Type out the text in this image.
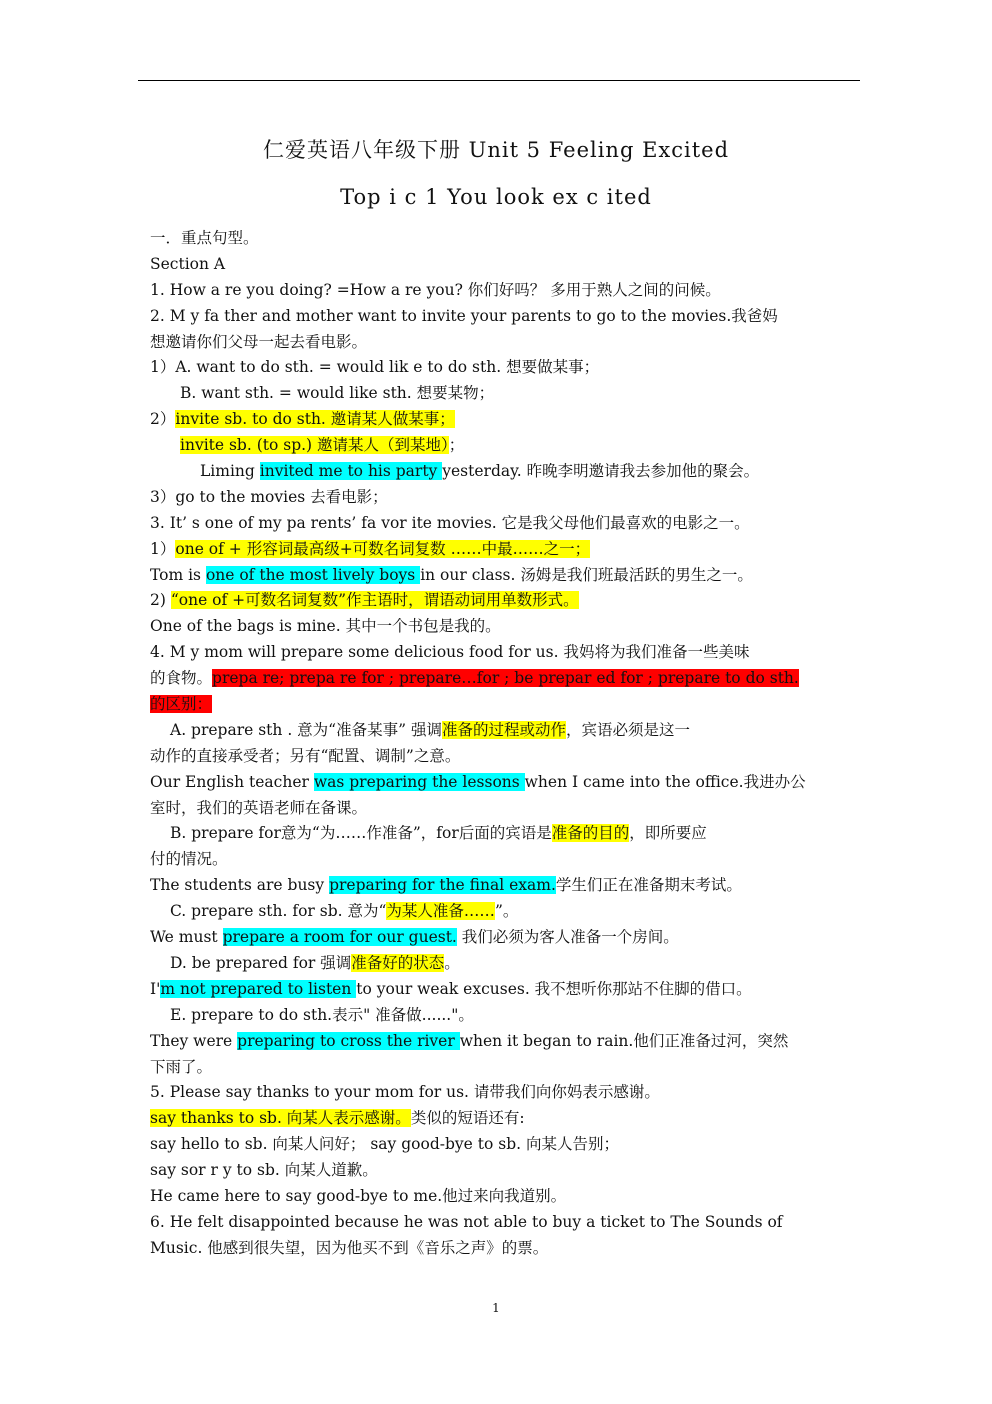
仁爱英语八年级下册 Unit 5 Feeling Excited
Top i c 1 You look ex c ited
一．重点句型。
Section A
1. How a re you doing? =How a re you? 你们好吗？ 多用于熟人之间的问候。
2. M y fa ther and mother want to invite your parents to go to the movies.我爸妈
想邀请你们父母一起去看电影。
1）A. want to do sth. = would lik e to do sth. 想要做某事；
B. want sth. = would like sth. 想要某物；
2）invite sb. to do sth. 邀请某人做某事；
invite sb. (to sp.) 邀请某人（到某地）；
Liming invited me to his party yesterday. 昨晚李明邀请我去参加他的聚会。
3）go to the movies 去看电影；
3. It’ s one of my pa rents’ fa vor ite movies. 它是我父母他们最喜欢的电影之一。
1）one of + 形容词最高级+可数名词复数 ……中最……之一；
Tom is one of the most lively boys in our class. 汤姆是我们班最活跃的男生之一。
2) “one of +可数名词复数”作主语时，谓语动词用单数形式。
One of the bags is mine. 其中一个书包是我的。
4. M y mom will prepare some delicious food for us. 我妈将为我们准备一些美味
的食物。prepa re; prepa re for ; prepare…for ; be prepar ed for ; prepare to do sth.
的区别：
A. prepare sth . 意为“准备某事” 强调准备的过程或动作，宾语必须是这一
动作的直接承受者；另有“配置、调制”之意。
Our English teacher was preparing the lessons when I came into the office.我进办公
室时，我们的英语老师在备课。
B. prepare for意为“为……作准备”，for后面的宾语是准备的目的，即所要应
付的情况。
The students are busy preparing for the final exam.学生们正在准备期末考试。
C. prepare sth. for sb. 意为“为某人准备……”。
We must prepare a room for our guest. 我们必须为客人准备一个房间。
D. be prepared for 强调准备好的状态。
I'm not prepared to listen to your weak excuses. 我不想听你那站不住脚的借口。
E. prepare to do sth.表示" 准备做......"。
They were preparing to cross the river when it began to rain.他们正准备过河，突然
下雨了。
5. Please say thanks to your mom for us. 请带我们向你妈表示感谢。
say thanks to sb. 向某人表示感谢。类似的短语还有:
say hello to sb. 向某人问好； say good-bye to sb. 向某人告别；
say sor r y to sb. 向某人道歉。
He came here to say good-bye to me.他过来向我道别。
6. He felt disappointed because he was not able to buy a ticket to The Sounds of
Music. 他感到很失望，因为他买不到《音乐之声》的票。
1
